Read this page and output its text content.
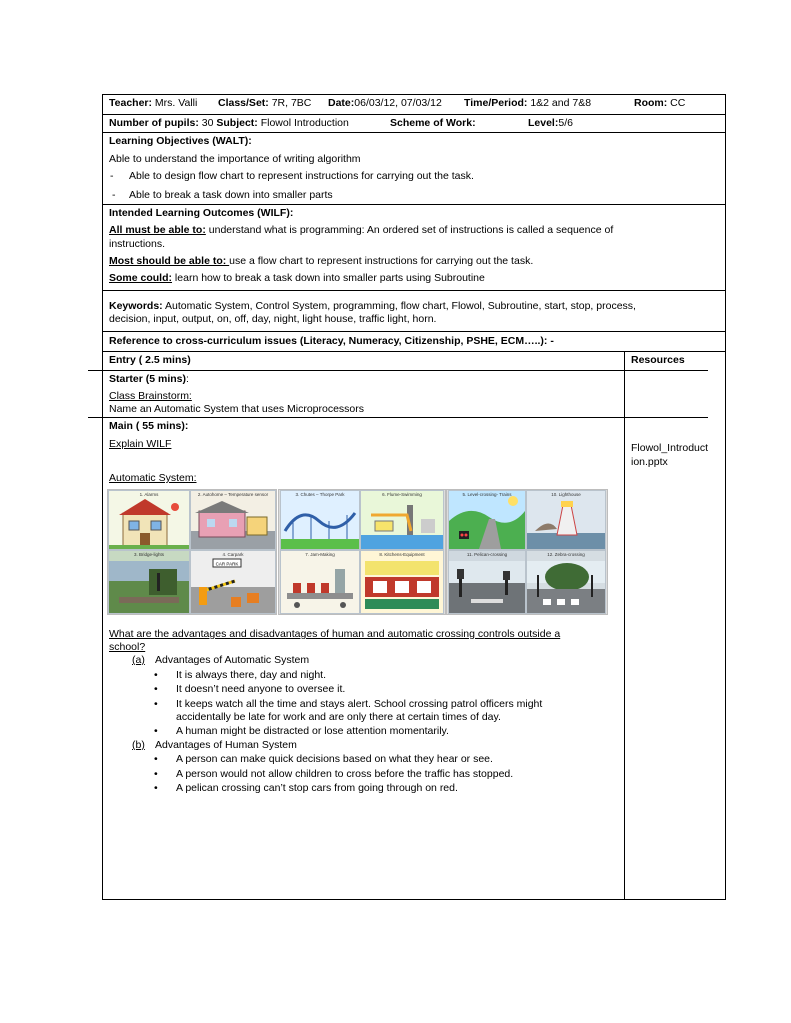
Teacher: Mrs. Valli Class/Set: 7R, 7BC Date:06/03/12, 07/03/12 Time/Period: 1&2 and 7&8	Room: CC
Number of pupils: 30 Subject: Flowol Introduction	Scheme of Work:	Level:5/6
Learning Objectives (WALT):
Able to understand the importance of writing algorithm
- Able to design flow chart to represent instructions for carrying out the task.
- Able to break a task down into smaller parts
Intended Learning Outcomes (WILF):
All must be able to: understand what is programming: An ordered set of instructions is called a sequence of
instructions.
Most should be able to: use a flow chart to represent instructions for carrying out the task.
Some could: learn how to break a task down into smaller parts using Subroutine
Keywords: Automatic System, Control System, programming, flow chart, Flowol, Subroutine, start, stop, process,
decision, input, output, on, off, day, night, light house, traffic light, horn.
Reference to cross-curriculum issues (Literacy, Numeracy, Citizenship, PSHE, ECM…..): -
Entry ( 2.5 mins)	Resources
Starter (5 mins):
Class Brainstorm:
Name an Automatic System that uses Microprocessors
Main ( 55 mins):
Explain WILF	Flowol_Introduct
ion.pptx
Automatic System:
1. Alarms	2. Autohome – Temperature sensor	3. Chutes – Thorpe Park	6. Flume-Swimming	5. Level-crossing- Trains	10. Lighthouse
3. Bridge-lights	4. Carpark
CAR PARK
7. Jam-Making	8. Kitchens-Equipment	11. Pelican-crossing	12. Zebra-crossing
What are the advantages and disadvantages of human and automatic crossing controls outside a
school?
(a) Advantages of Automatic System
• It is always there, day and night.
• It doesn’t need anyone to oversee it.
• It keeps watch all the time and stays alert. School crossing patrol officers might
accidentally be late for work and are only there at certain times of day.
• A human might be distracted or lose attention momentarily.
(b) Advantages of Human System
• A person can make quick decisions based on what they hear or see.
• A person would not allow children to cross before the traffic has stopped.
• A pelican crossing can’t stop cars from going through on red.
